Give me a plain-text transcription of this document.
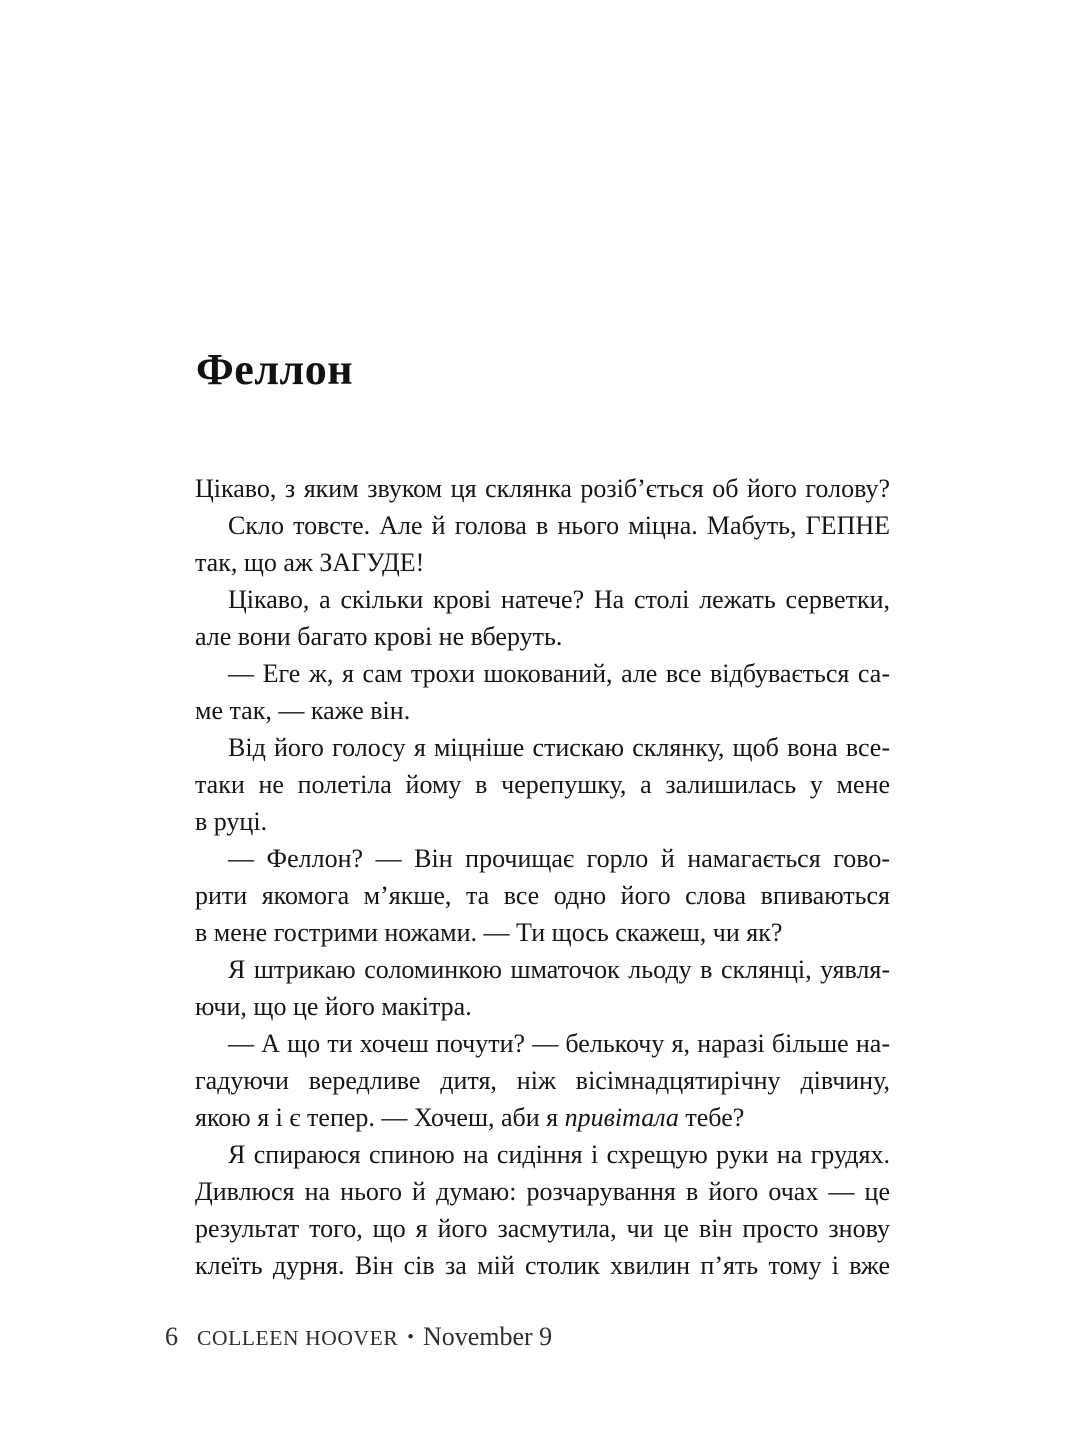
Феллон
Цікаво, з яким звуком ця склянка розіб’ється об його голову?
Скло товсте. Але й голова в нього міцна. Мабуть, ГЕПНЕ
так, що аж ЗАГУДЕ!
Цікаво, а скільки крові натече? На столі лежать серветки,
але вони багато крові не вберуть.
— Еге ж, я сам трохи шокований, але все відбувається са-
ме так, — каже він.
Від його голосу я міцніше стискаю склянку, щоб вона все-
таки не полетіла йому в черепушку, а залишилась у мене
в руці.
— Феллон? — Він прочищає горло й намагається гово-
рити якомога м’якше, та все одно його слова впиваються
в мене гострими ножами. — Ти щось скажеш, чи як?
Я штрикаю соломинкою шматочок льоду в склянці, уявля-
ючи, що це його макітра.
— А що ти хочеш почути? — белькочу я, наразі більше на-
гадуючи вередливе дитя, ніж вісімнадцятирічну дівчину,
якою я і є тепер. — Хочеш, аби я привітала тебе?
Я спираюся спиною на сидіння і схрещую руки на грудях.
Дивлюся на нього й думаю: розчарування в його очах — це
результат того, що я його засмутила, чи це він просто знову
клеїть дурня. Він сів за мій столик хвилин п’ять тому і вже
6 COLLEEN HOOVER • November 9
